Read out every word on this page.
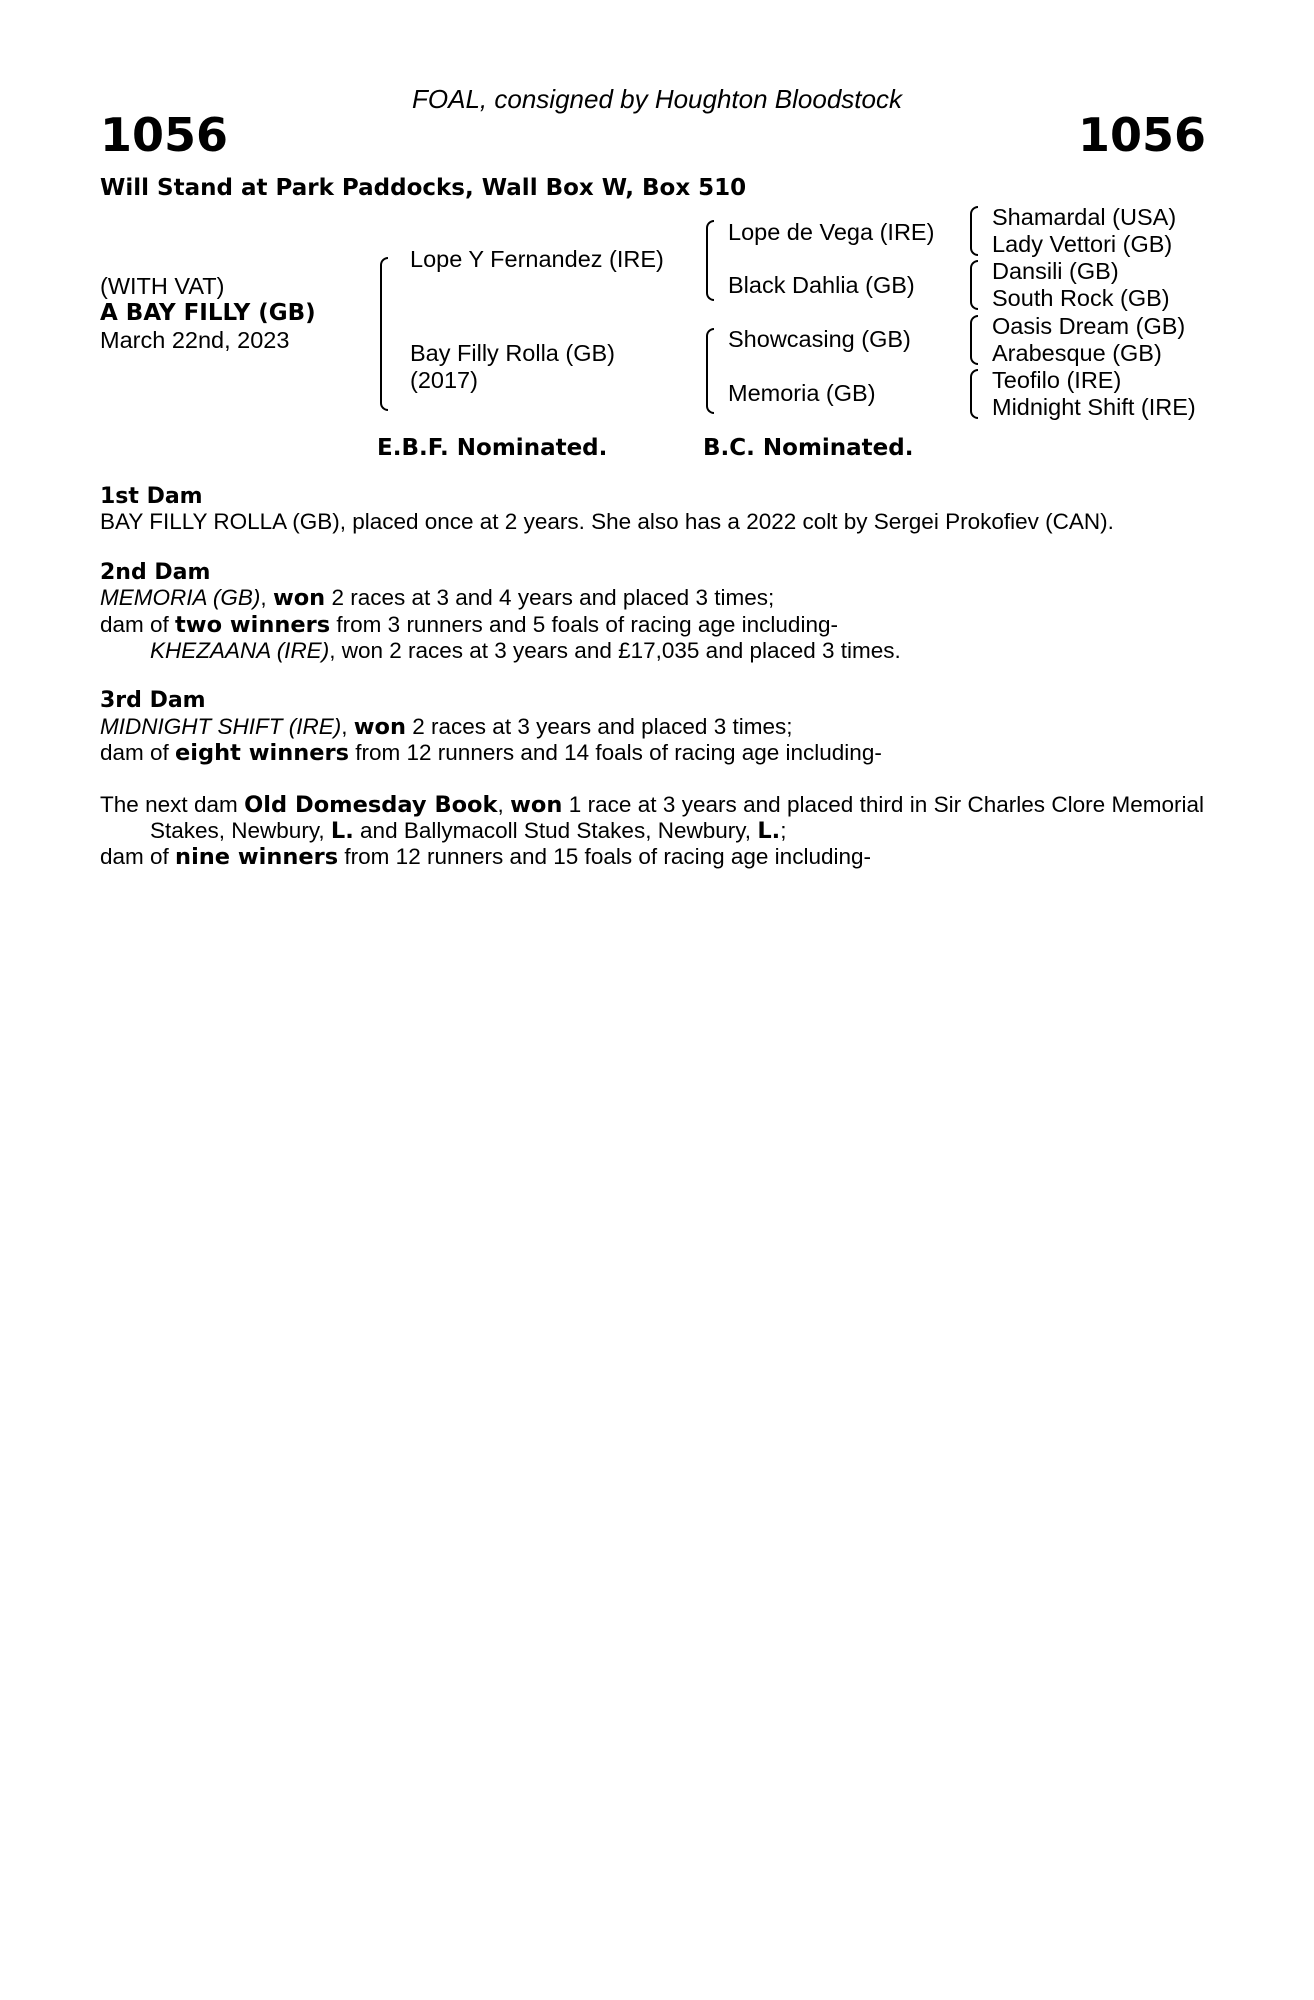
FOAL, consigned by Houghton Bloodstock
1056	1056
Will Stand at Park Paddocks, Wall Box W, Box 510
(WITH VAT)
A BAY FILLY (GB)
March 22nd, 2023
Lope Y Fernandez (IRE)
Bay Filly Rolla (GB)
(2017)
Lope de Vega (IRE)
Black Dahlia (GB)
Showcasing (GB)
Memoria (GB)
Shamardal (USA)
Lady Vettori (GB)
Dansili (GB)
South Rock (GB)
Oasis Dream (GB)
Arabesque (GB)
Teofilo (IRE)
Midnight Shift (IRE)
E.B.F. Nominated.	B.C. Nominated.

1st Dam

BAY FILLY ROLLA (GB), placed once at 2 years. She also has a 2022 colt by Sergei Prokofiev (CAN).

2nd Dam

MEMORIA (GB), won 2 races at 3 and 4 years and placed 3 times;

dam of two winners from 3 runners and 5 foals of racing age including-

KHEZAANA (IRE), won 2 races at 3 years and £17,035 and placed 3 times.

3rd Dam

MIDNIGHT SHIFT (IRE), won 2 races at 3 years and placed 3 times;

dam of eight winners from 12 runners and 14 foals of racing age including-

The next dam Old Domesday Book, won 1 race at 3 years and placed third in Sir Charles Clore Memorial Stakes, Newbury, L. and Ballymacoll Stud Stakes, Newbury, L.;

dam of nine winners from 12 runners and 15 foals of racing age including-
